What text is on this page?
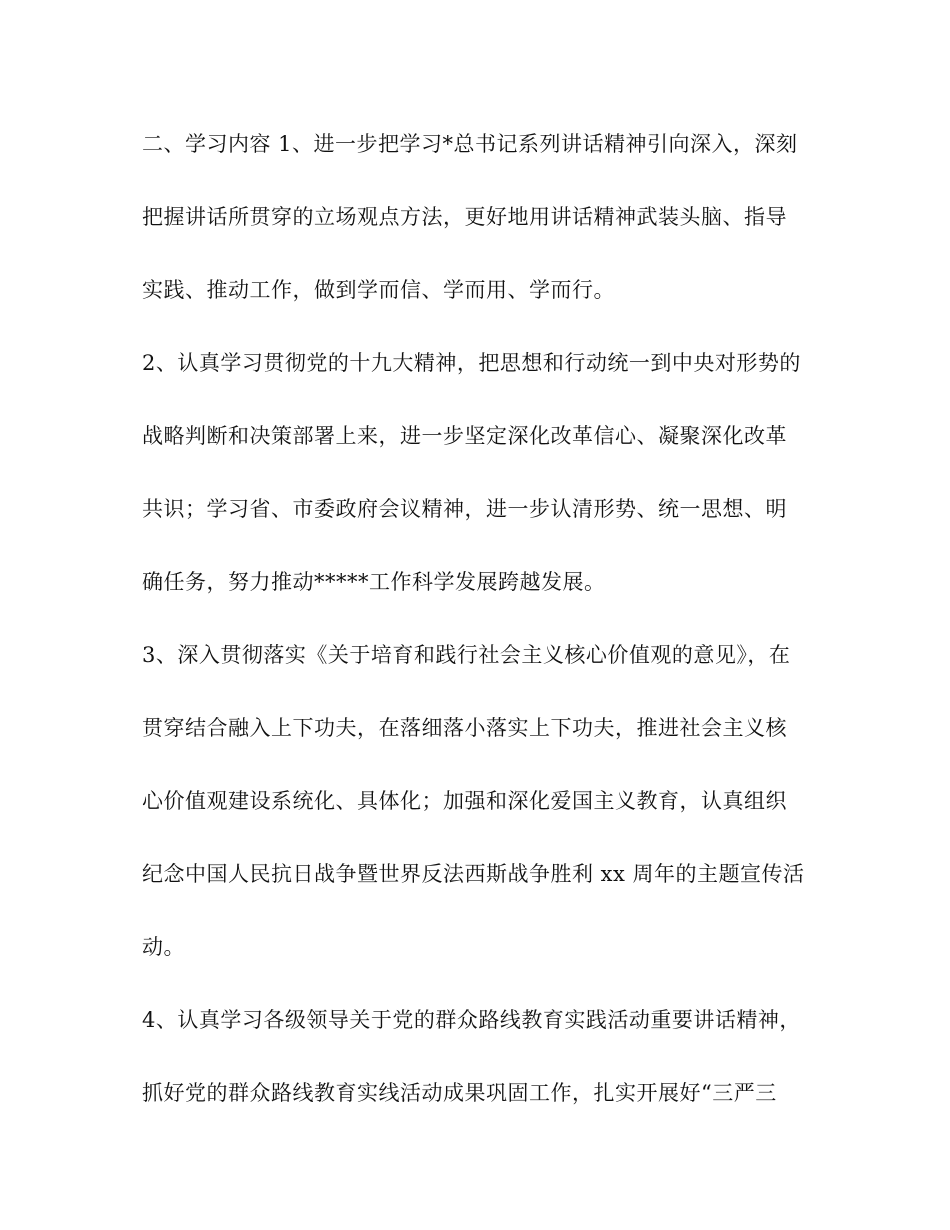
二、学习内容 1、进一步把学习*总书记系列讲话精神引向深入，深刻
把握讲话所贯穿的立场观点方法，更好地用讲话精神武装头脑、指导
实践、推动工作，做到学而信、学而用、学而行。
2、认真学习贯彻党的十九大精神，把思想和行动统一到中央对形势的
战略判断和决策部署上来，进一步坚定深化改革信心、凝聚深化改革
共识；学习省、市委政府会议精神，进一步认清形势、统一思想、明
确任务，努力推动*****工作科学发展跨越发展。
3、深入贯彻落实《关于培育和践行社会主义核心价值观的意见》，在
贯穿结合融入上下功夫，在落细落小落实上下功夫，推进社会主义核
心价值观建设系统化、具体化；加强和深化爱国主义教育，认真组织
纪念中国人民抗日战争暨世界反法西斯战争胜利 xx 周年的主题宣传活
动。
4、认真学习各级领导关于党的群众路线教育实践活动重要讲话精神，
抓好党的群众路线教育实线活动成果巩固工作，扎实开展好“三严三
